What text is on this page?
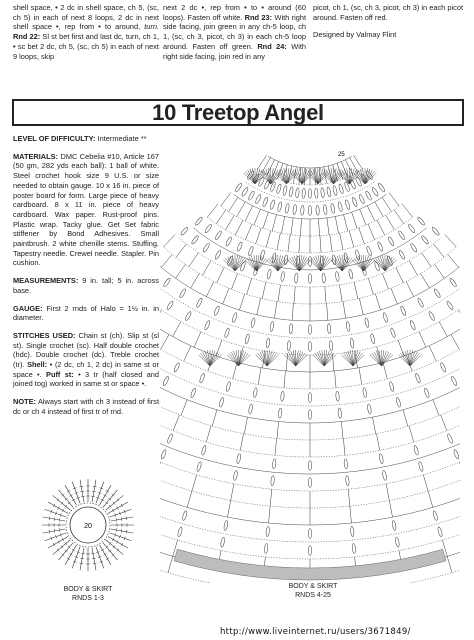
shell space, • 2 dc in shell space, ch 5, (sc, ch 5) in each of next 8 loops, 2 dc in next shell space •, rep from • to around, turn. Rnd 22: Sl st bet first and last dc, turn, ch 1, • sc bet 2 dc, ch 5, (sc, ch 5) in each of next 9 loops, skip
next 2 dc •, rep from • to • around (60 loops). Fasten off white. Rnd 23: With right side facing, join green in any ch-5 loop, ch 1, (sc, ch 3, picot, ch 3) in each ch-5 loop around. Fasten off green. Rnd 24: With right side facing, join red in any
picot, ch 1, (sc, ch 3, picot, ch 3) in each picot around. Fasten off red.
Designed by Valmay Flint
10 Treetop Angel

LEVEL OF DIFFICULTY: Intermediate **

MATERIALS: DMC Cebelia #10, Article 167 (50 gm, 282 yds each ball): 1 ball of white. Steel crochet hook size 9 U.S. or size needed to obtain gauge. 10 x 16 in. piece of poster board for form. Large piece of heavy cardboard. 8 x 11 in. piece of heavy cardboard. Wax paper. Rust-proof pins. Plastic wrap. Tacky glue. Get Set fabric stiffener by Bond Adhesives. Small paintbrush. 2 white chenille stems. Stuffing. Tapestry needle. Crewel needle. Stapler. Pin cushion.

MEASUREMENTS: 9 in. tall; 5 in. across base.

GAUGE: First 2 rnds of Halo = 1½ in. in diameter.

STITCHES USED: Chain st (ch). Slip st (sl st). Single crochet (sc). Half double crochet (hdc). Double crochet (dc). Treble crochet (tr). Shell: • (2 dc, ch 1, 2 dc) in same st or space •. Puff st: • 3 tr (half closed and joined tog) worked in same st or space •.

NOTE: Always start with ch 3 instead of first dc or ch 4 instead of first tr of rnd.

20
BODY & SKIRT
RNDS 1-3
25
BODY & SKIRT
RNDS 4-25
http://www.liveinternet.ru/users/3671849/
